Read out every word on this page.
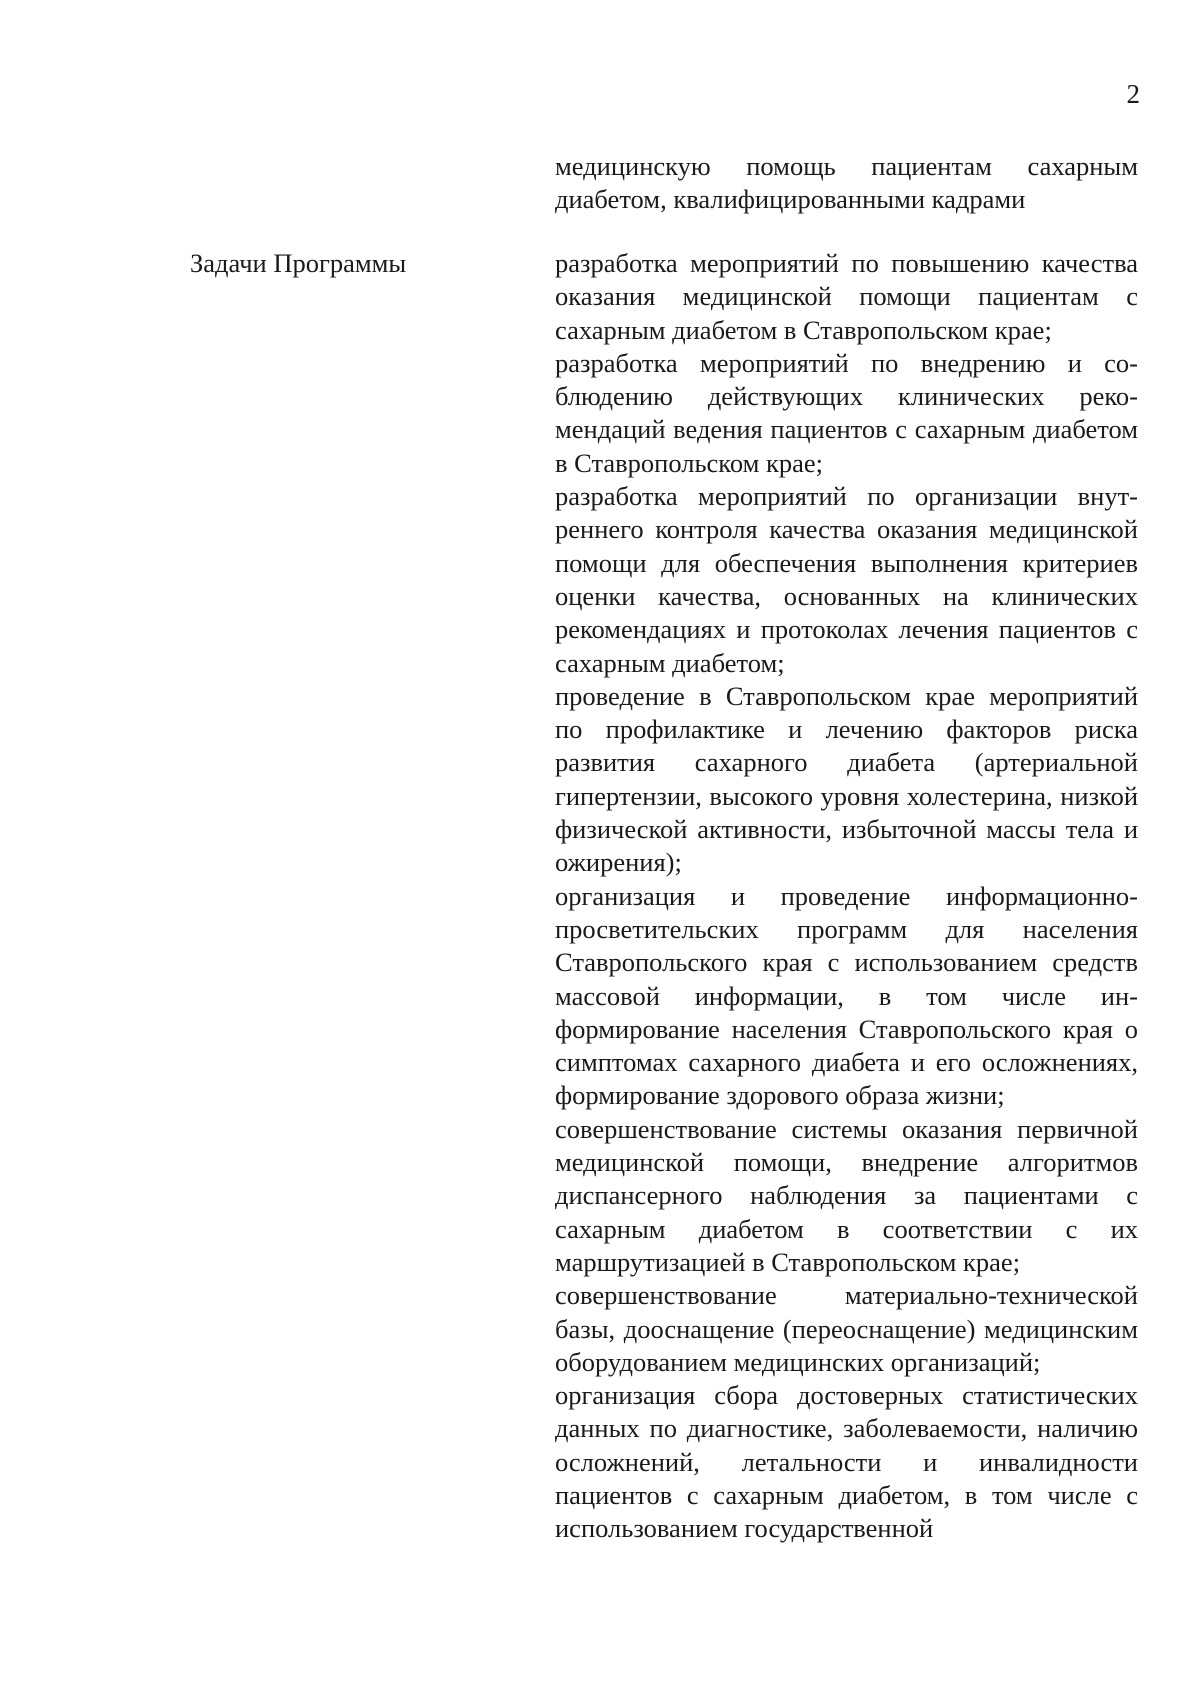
2
медицинскую помощь пациентам сахарным диабетом, квалифицированными кадрами
Задачи Программы	разработка мероприятий по повышению качества оказания медицинской помощи пациентам с сахарным диабетом в Ставропольском крае;
разработка мероприятий по внедрению и соблюдению действующих клинических рекомендаций ведения пациентов с сахарным диабетом в Ставропольском крае;
разработка мероприятий по организации внутреннего контроля качества оказания медицинской помощи для обеспечения выполнения критериев оценки качества, основанных на клинических рекомендациях и протоколах лечения пациентов с сахарным диабетом;
проведение в Ставропольском крае мероприятий по профилактике и лечению факторов риска развития сахарного диабета (артериальной гипертензии, высокого уровня холестерина, низкой физической активности, избыточной массы тела и ожирения);
организация и проведение информационно-просветительских программ для населения Ставропольского края с использованием средств массовой информации, в том числе информирование населения Ставропольского края о симптомах сахарного диабета и его осложнениях, формирование здорового образа жизни;
совершенствование системы оказания первичной медицинской помощи, внедрение алгоритмов диспансерного наблюдения за пациентами с сахарным диабетом в соответствии с их маршрутизацией в Ставропольском крае;
совершенствование материально-технической базы, дооснащение (переоснащение) медицинским оборудованием медицинских организаций;
организация сбора достоверных статистических данных по диагностике, заболеваемости, наличию осложнений, летальности и инвалидности пациентов с сахарным диабетом, в том числе с использованием государственной
